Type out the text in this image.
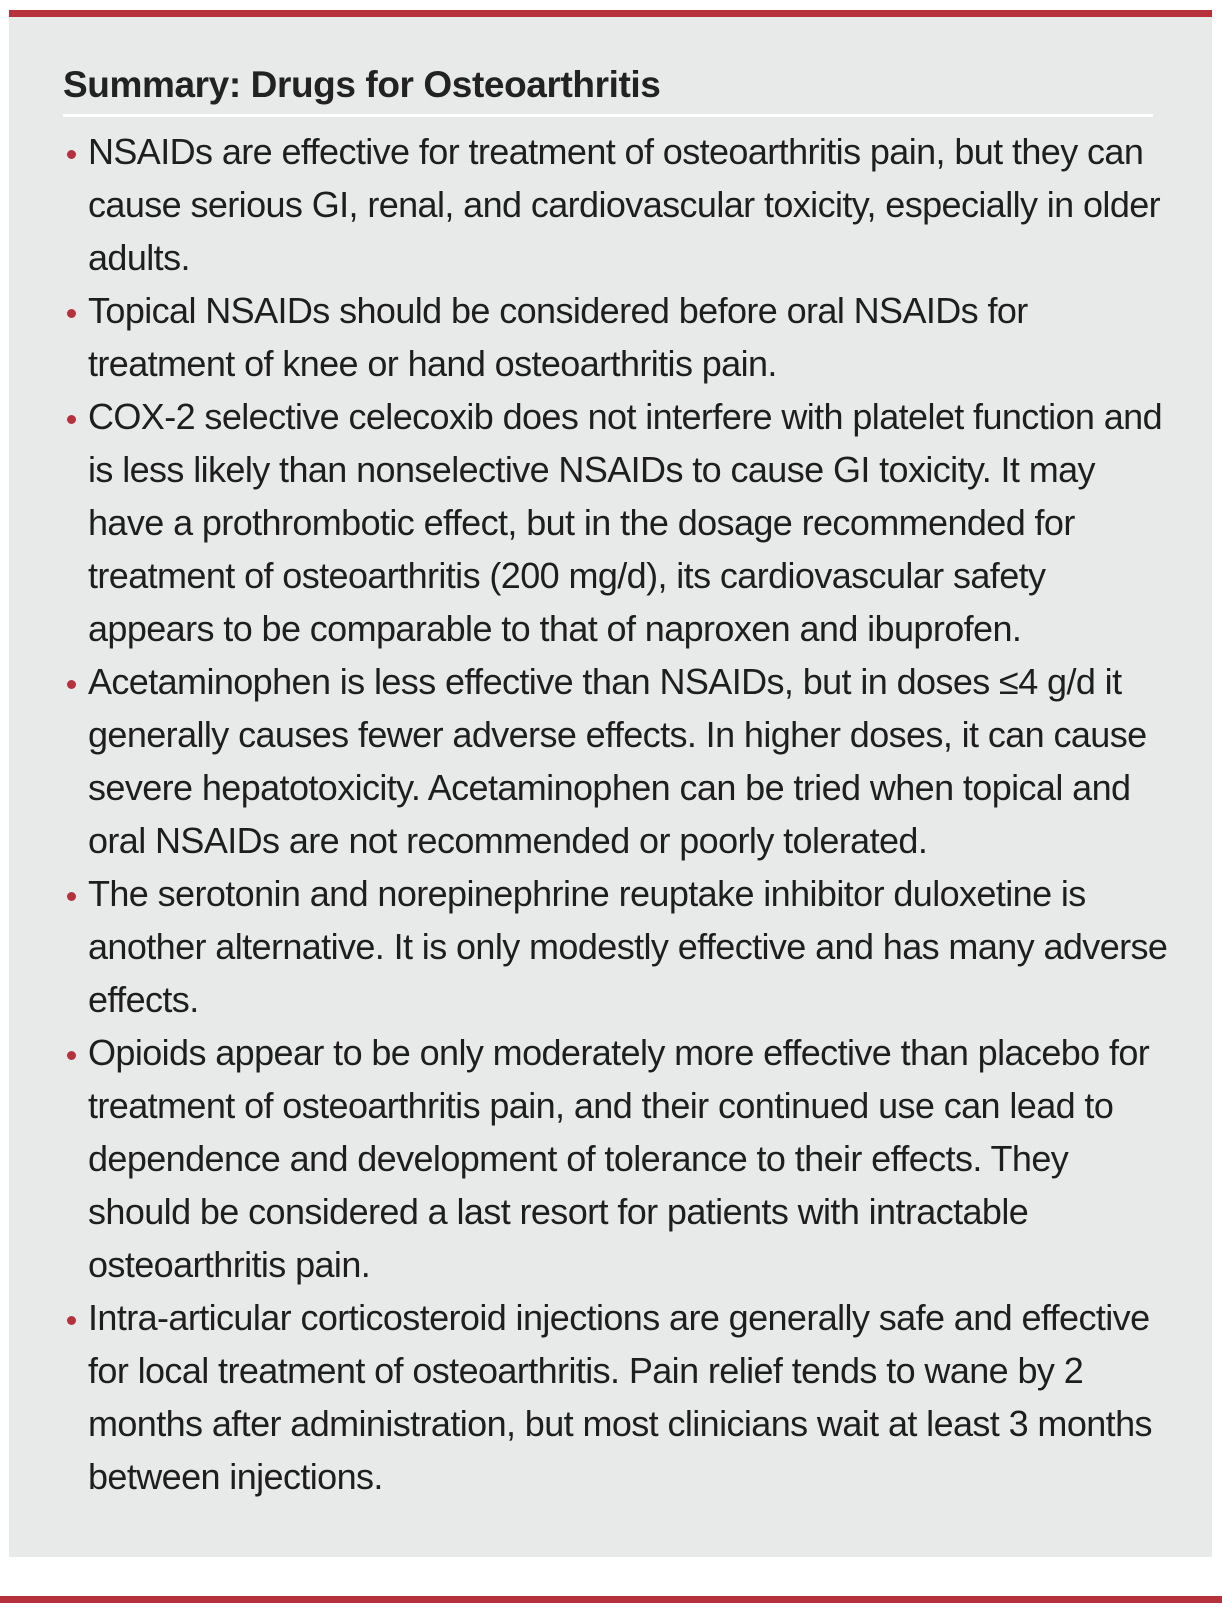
Summary: Drugs for Osteoarthritis
NSAIDs are effective for treatment of osteoarthritis pain, but they can cause serious GI, renal, and cardiovascular toxicity, especially in older adults.
Topical NSAIDs should be considered before oral NSAIDs for treatment of knee or hand osteoarthritis pain.
COX-2 selective celecoxib does not interfere with platelet function and is less likely than nonselective NSAIDs to cause GI toxicity. It may have a prothrombotic effect, but in the dosage recommended for treatment of osteoarthritis (200 mg/d), its cardiovascular safety appears to be comparable to that of naproxen and ibuprofen.
Acetaminophen is less effective than NSAIDs, but in doses ≤4 g/d it generally causes fewer adverse effects. In higher doses, it can cause severe hepatotoxicity. Acetaminophen can be tried when topical and oral NSAIDs are not recommended or poorly tolerated.
The serotonin and norepinephrine reuptake inhibitor duloxetine is another alternative. It is only modestly effective and has many adverse effects.
Opioids appear to be only moderately more effective than placebo for treatment of osteoarthritis pain, and their continued use can lead to dependence and development of tolerance to their effects. They should be considered a last resort for patients with intractable osteoarthritis pain.
Intra-articular corticosteroid injections are generally safe and effective for local treatment of osteoarthritis. Pain relief tends to wane by 2 months after administration, but most clinicians wait at least 3 months between injections.
